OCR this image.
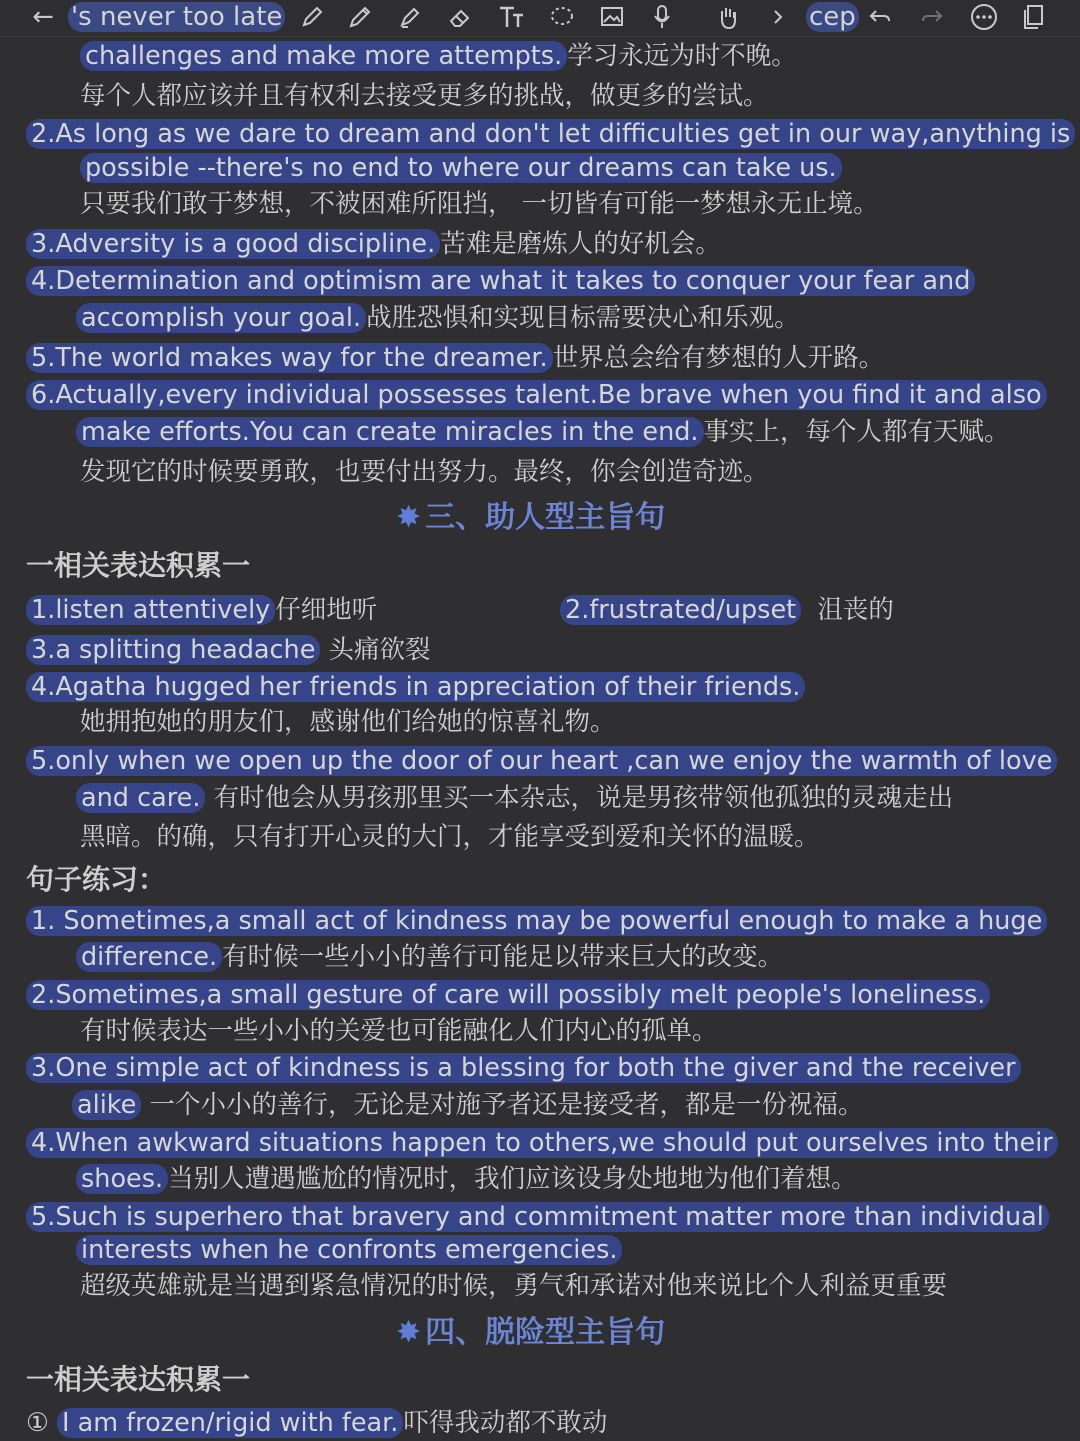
← 's never too late	cep
challenges and make more attempts. 学习永远为时不晚。
每个人都应该并且有权利去接受更多的挑战，做更多的尝试。
2.As long as we dare to dream and don't let difficulties get in our way,anything is
possible --there's no end to where our dreams can take us.
只要我们敢于梦想，不被困难所阻挡， 一切皆有可能一梦想永无止境。
3.Adversity is a good discipline. 苦难是磨炼人的好机会。
4.Determination and optimism are what it takes to conquer your fear and
accomplish your goal. 战胜恐惧和实现目标需要决心和乐观。
5.The world makes way for the dreamer. 世界总会给有梦想的人开路。
6.Actually,every individual possesses talent.Be brave when you find it and also
make efforts.You can create miracles in the end. 事实上，每个人都有天赋。
发现它的时候要勇敢，也要付出努力。最终，你会创造奇迹。
✸ 三、助人型主旨句
一相关表达积累一
1.listen attentively 仔细地听	2.frustrated/upset 沮丧的
3.a splitting headache 头痛欲裂
4.Agatha hugged her friends in appreciation of their friends.
她拥抱她的朋友们，感谢他们给她的惊喜礼物。
5.only when we open up the door of our heart ,can we enjoy the warmth of love
and care. 有时他会从男孩那里买一本杂志，说是男孩带领他孤独的灵魂走出
黑暗。的确，只有打开心灵的大门，才能享受到爱和关怀的温暖。
句子练习：
1. Sometimes,a small act of kindness may be powerful enough to make a huge
difference. 有时候一些小小的善行可能足以带来巨大的改变。
2.Sometimes,a small gesture of care will possibly melt people's loneliness.
有时候表达一些小小的关爱也可能融化人们内心的孤单。
3.One simple act of kindness is a blessing for both the giver and the receiver
alike 一个小小的善行，无论是对施予者还是接受者，都是一份祝福。
4.When awkward situations happen to others,we should put ourselves into their
shoes. 当别人遭遇尴尬的情况时，我们应该设身处地地为他们着想。
5.Such is superhero that bravery and commitment matter more than individual
interests when he confronts emergencies.
超级英雄就是当遇到紧急情况的时候，勇气和承诺对他来说比个人利益更重要
✸ 四、脱险型主旨句
一相关表达积累一
① I am frozen/rigid with fear. 吓得我动都不敢动
